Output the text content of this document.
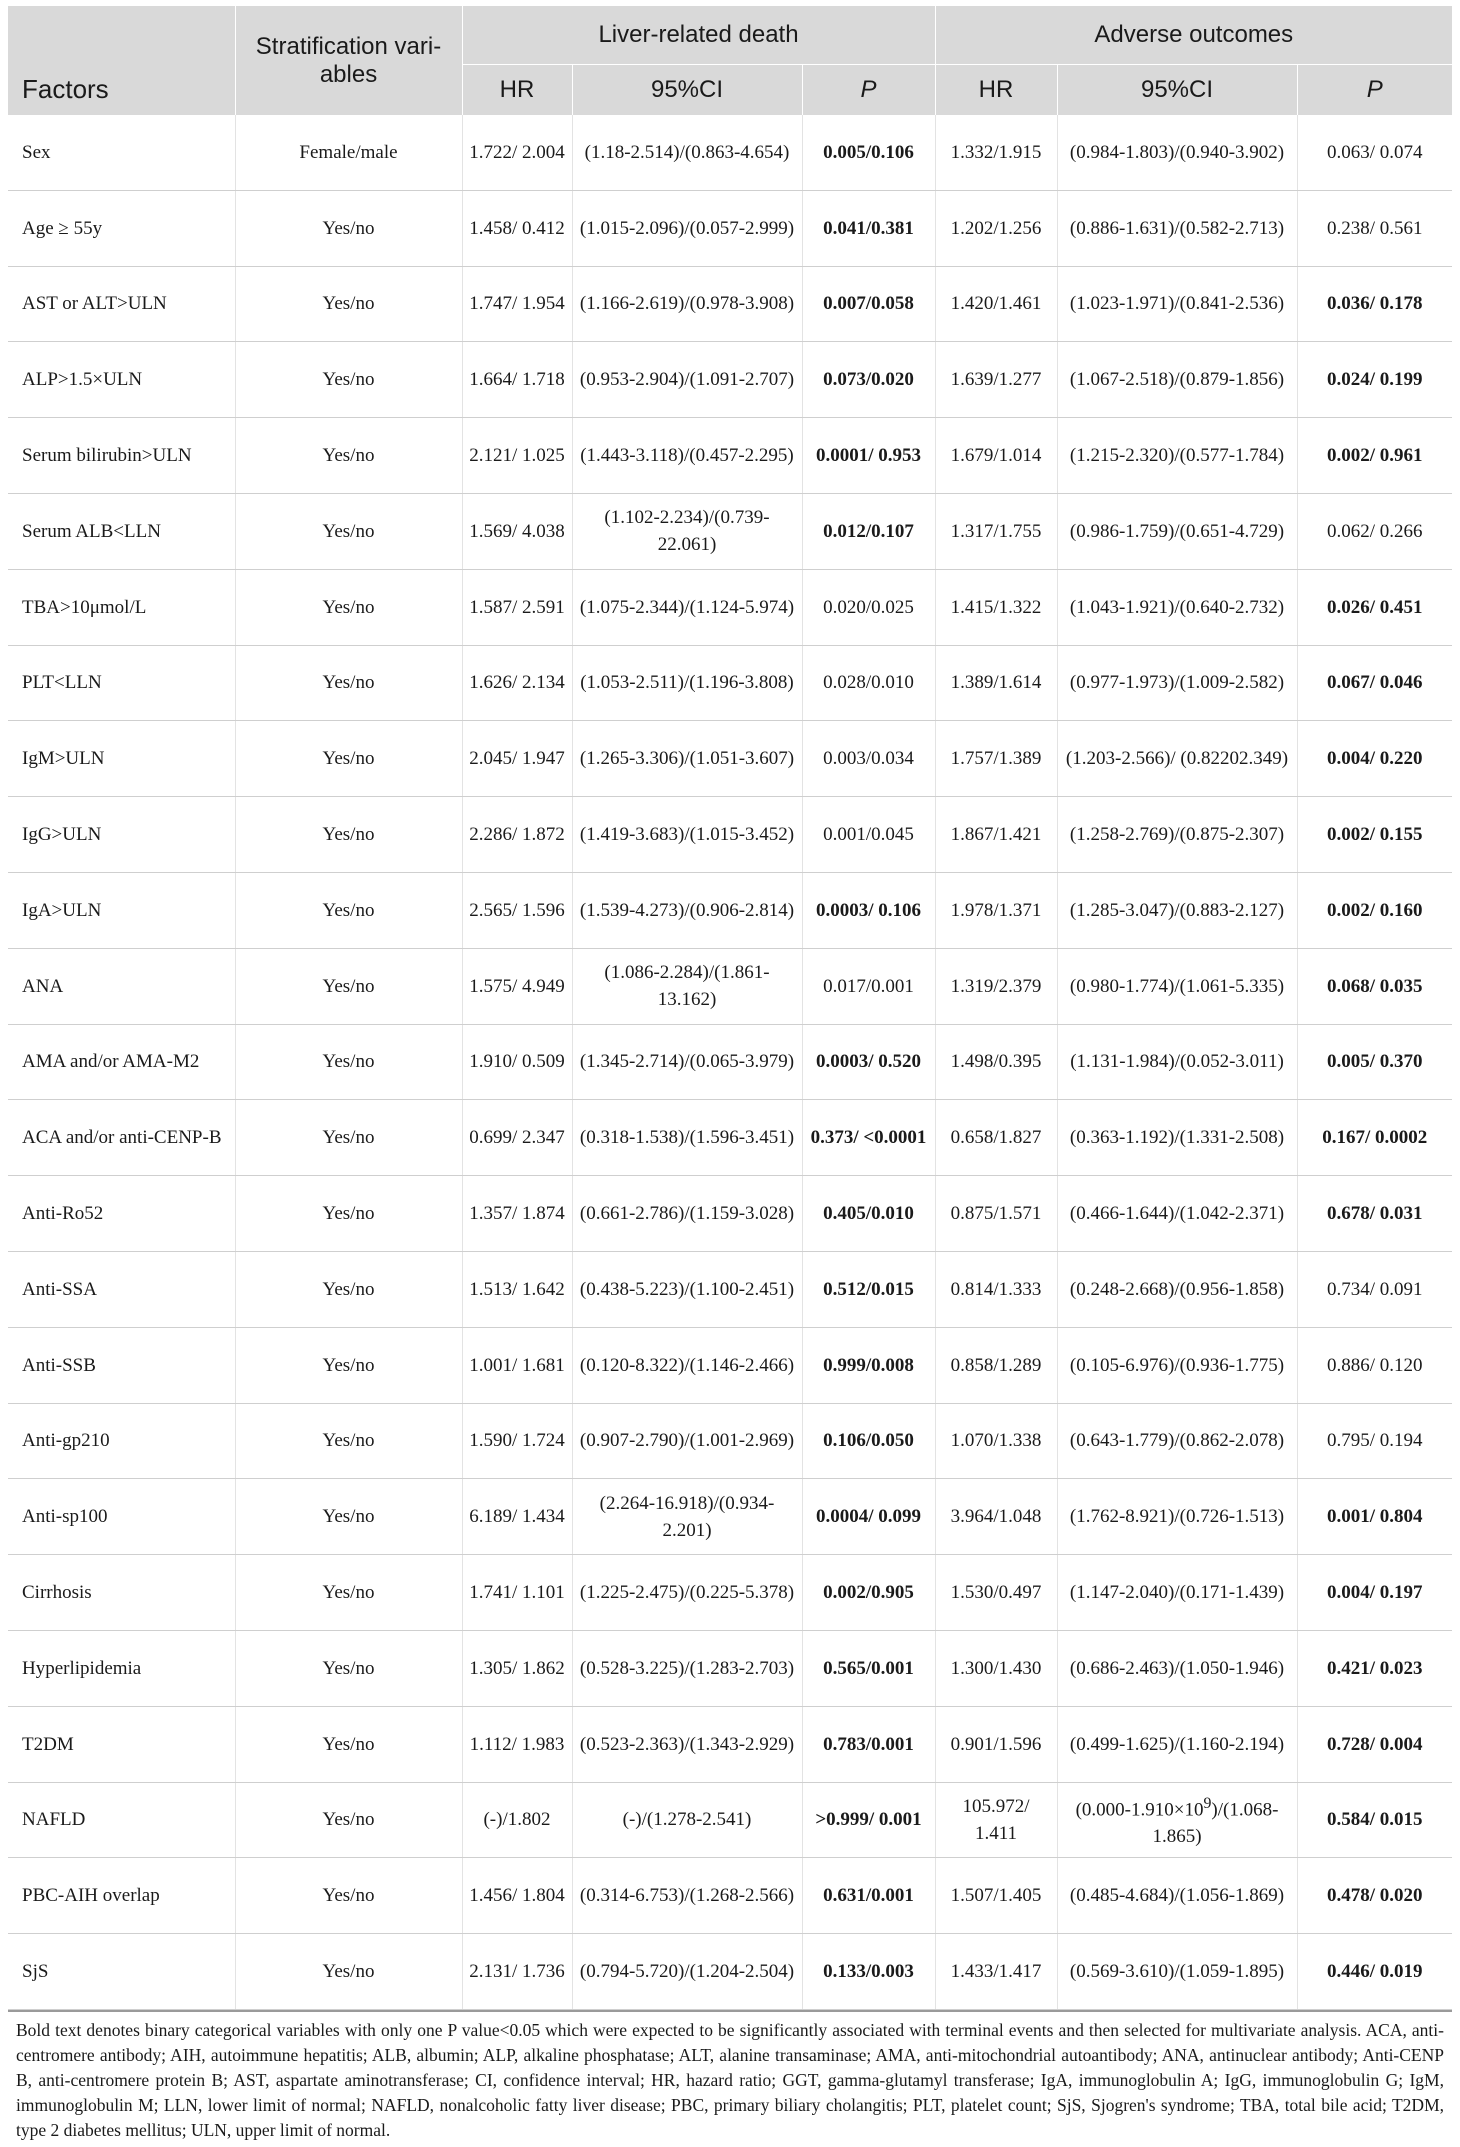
Factors	Stratification vari-ables	Liver-related death			Adverse outcomes		
		HR	95%CI	P	HR	95%CI	P
Sex	Female/male	1.722/ 2.004	(1.18-2.514)/(0.863-4.654)	0.005/0.106	1.332/1.915	(0.984-1.803)/(0.940-3.902)	0.063/ 0.074
Age ≥ 55y	Yes/no	1.458/ 0.412	(1.015-2.096)/(0.057-2.999)	0.041/0.381	1.202/1.256	(0.886-1.631)/(0.582-2.713)	0.238/ 0.561
AST or ALT>ULN	Yes/no	1.747/ 1.954	(1.166-2.619)/(0.978-3.908)	0.007/0.058	1.420/1.461	(1.023-1.971)/(0.841-2.536)	0.036/ 0.178
ALP>1.5×ULN	Yes/no	1.664/ 1.718	(0.953-2.904)/(1.091-2.707)	0.073/0.020	1.639/1.277	(1.067-2.518)/(0.879-1.856)	0.024/ 0.199
Serum bilirubin>ULN	Yes/no	2.121/ 1.025	(1.443-3.118)/(0.457-2.295)	0.0001/ 0.953	1.679/1.014	(1.215-2.320)/(0.577-1.784)	0.002/ 0.961
Serum ALB<LLN	Yes/no	1.569/ 4.038	(1.102-2.234)/(0.739-22.061)	0.012/0.107	1.317/1.755	(0.986-1.759)/(0.651-4.729)	0.062/ 0.266
TBA>10μmol/L	Yes/no	1.587/ 2.591	(1.075-2.344)/(1.124-5.974)	0.020/0.025	1.415/1.322	(1.043-1.921)/(0.640-2.732)	0.026/ 0.451
PLT<LLN	Yes/no	1.626/ 2.134	(1.053-2.511)/(1.196-3.808)	0.028/0.010	1.389/1.614	(0.977-1.973)/(1.009-2.582)	0.067/ 0.046
IgM>ULN	Yes/no	2.045/ 1.947	(1.265-3.306)/(1.051-3.607)	0.003/0.034	1.757/1.389	(1.203-2.566)/ (0.82202.349)	0.004/ 0.220
IgG>ULN	Yes/no	2.286/ 1.872	(1.419-3.683)/(1.015-3.452)	0.001/0.045	1.867/1.421	(1.258-2.769)/(0.875-2.307)	0.002/ 0.155
IgA>ULN	Yes/no	2.565/ 1.596	(1.539-4.273)/(0.906-2.814)	0.0003/ 0.106	1.978/1.371	(1.285-3.047)/(0.883-2.127)	0.002/ 0.160
ANA	Yes/no	1.575/ 4.949	(1.086-2.284)/(1.861-13.162)	0.017/0.001	1.319/2.379	(0.980-1.774)/(1.061-5.335)	0.068/ 0.035
AMA and/or AMA-M2	Yes/no	1.910/ 0.509	(1.345-2.714)/(0.065-3.979)	0.0003/ 0.520	1.498/0.395	(1.131-1.984)/(0.052-3.011)	0.005/ 0.370
ACA and/or anti-CENP-B	Yes/no	0.699/ 2.347	(0.318-1.538)/(1.596-3.451)	0.373/ <0.0001	0.658/1.827	(0.363-1.192)/(1.331-2.508)	0.167/ 0.0002
Anti-Ro52	Yes/no	1.357/ 1.874	(0.661-2.786)/(1.159-3.028)	0.405/0.010	0.875/1.571	(0.466-1.644)/(1.042-2.371)	0.678/ 0.031
Anti-SSA	Yes/no	1.513/ 1.642	(0.438-5.223)/(1.100-2.451)	0.512/0.015	0.814/1.333	(0.248-2.668)/(0.956-1.858)	0.734/ 0.091
Anti-SSB	Yes/no	1.001/ 1.681	(0.120-8.322)/(1.146-2.466)	0.999/0.008	0.858/1.289	(0.105-6.976)/(0.936-1.775)	0.886/ 0.120
Anti-gp210	Yes/no	1.590/ 1.724	(0.907-2.790)/(1.001-2.969)	0.106/0.050	1.070/1.338	(0.643-1.779)/(0.862-2.078)	0.795/ 0.194
Anti-sp100	Yes/no	6.189/ 1.434	(2.264-16.918)/(0.934-2.201)	0.0004/ 0.099	3.964/1.048	(1.762-8.921)/(0.726-1.513)	0.001/ 0.804
Cirrhosis	Yes/no	1.741/ 1.101	(1.225-2.475)/(0.225-5.378)	0.002/0.905	1.530/0.497	(1.147-2.040)/(0.171-1.439)	0.004/ 0.197
Hyperlipidemia	Yes/no	1.305/ 1.862	(0.528-3.225)/(1.283-2.703)	0.565/0.001	1.300/1.430	(0.686-2.463)/(1.050-1.946)	0.421/ 0.023
T2DM	Yes/no	1.112/ 1.983	(0.523-2.363)/(1.343-2.929)	0.783/0.001	0.901/1.596	(0.499-1.625)/(1.160-2.194)	0.728/ 0.004
NAFLD	Yes/no	(-)/1.802	(-)/(1.278-2.541)	>0.999/ 0.001	105.972/ 1.411	$(0.000-1.910\times 10^9)/(1.068-1.865)$	0.584/ 0.015
PBC-AIH overlap	Yes/no	1.456/ 1.804	(0.314-6.753)/(1.268-2.566)	0.631/0.001	1.507/1.405	(0.485-4.684)/(1.056-1.869)	0.478/ 0.020
SjS	Yes/no	2.131/ 1.736	(0.794-5.720)/(1.204-2.504)	0.133/0.003	1.433/1.417	(0.569-3.610)/(1.059-1.895)	0.446/ 0.019
Bold text denotes binary categorical variables with only one P value<0.05 which were expected to be significantly associated with terminal events and then selected for multivariate analysis. ACA, anti-centromere antibody; AIH, autoimmune hepatitis; ALB, albumin; ALP, alkaline phosphatase; ALT, alanine transaminase; AMA, anti-mitochondrial autoantibody; ANA, antinuclear antibody; Anti-CENP B, anti-centromere protein B; AST, aspartate aminotransferase; CI, confidence interval; HR, hazard ratio; GGT, gamma-glutamyl transferase; IgA, immunoglobulin A; IgG, immunoglobulin G; IgM, immunoglobulin M; LLN, lower limit of normal; NAFLD, nonalcoholic fatty liver disease; PBC, primary biliary cholangitis; PLT, platelet count; SjS, Sjogren's syndrome; TBA, total bile acid; T2DM, type 2 diabetes mellitus; ULN, upper limit of normal.
